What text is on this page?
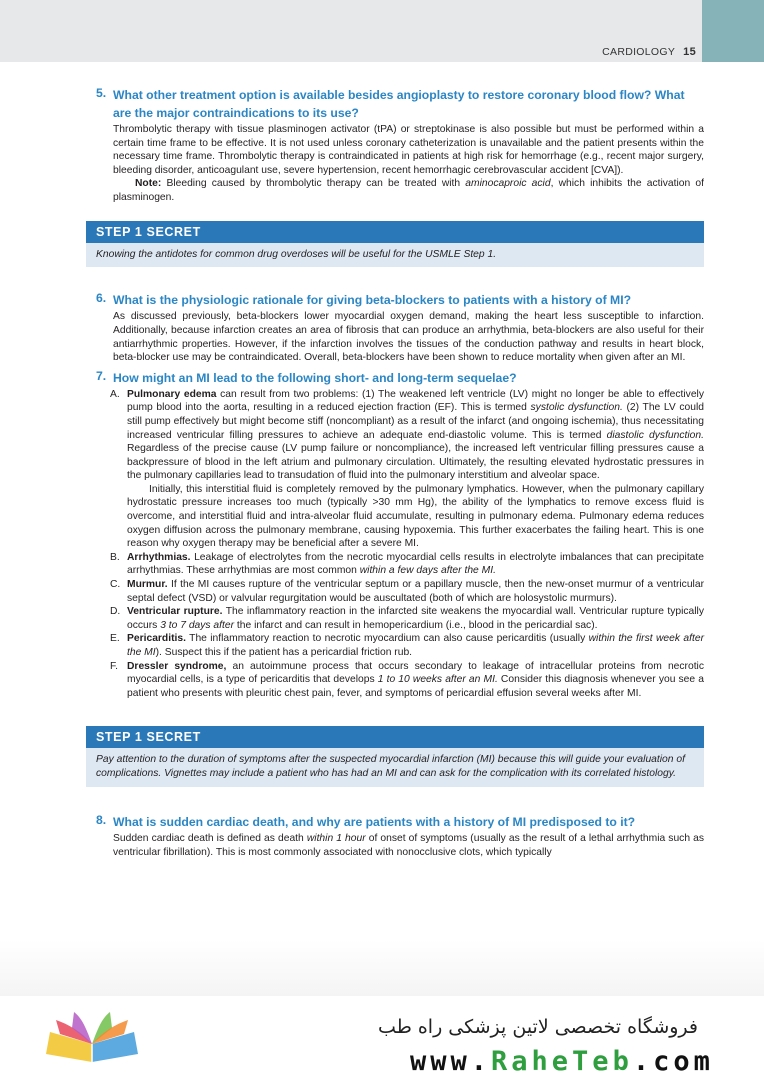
CARDIOLOGY 15
5. What other treatment option is available besides angioplasty to restore coronary blood flow? What are the major contraindications to its use?

Thrombolytic therapy with tissue plasminogen activator (tPA) or streptokinase is also possible but must be performed within a certain time frame to be effective. It is not used unless coronary catheterization is unavailable and the patient presents within the necessary time frame. Thrombolytic therapy is contraindicated in patients at high risk for hemorrhage (e.g., recent major surgery, bleeding disorder, anticoagulant use, severe hypertension, recent hemorrhagic cerebrovascular accident [CVA]).

Note: Bleeding caused by thrombolytic therapy can be treated with aminocaproic acid, which inhibits the activation of plasminogen.

STEP 1 SECRET
Knowing the antidotes for common drug overdoses will be useful for the USMLE Step 1.
6. What is the physiologic rationale for giving beta-blockers to patients with a history of MI?

As discussed previously, beta-blockers lower myocardial oxygen demand, making the heart less susceptible to infarction. Additionally, because infarction creates an area of fibrosis that can produce an arrhythmia, beta-blockers are also useful for their antiarrhythmic properties. However, if the infarction involves the tissues of the conduction pathway and results in heart block, beta-blocker use may be contraindicated. Overall, beta-blockers have been shown to reduce mortality when given after an MI.

7. How might an MI lead to the following short- and long-term sequelae?
A. Pulmonary edema can result from two problems: (1) The weakened left ventricle (LV) might no longer be able to effectively pump blood into the aorta, resulting in a reduced ejection fraction (EF). This is termed systolic dysfunction. (2) The LV could still pump effectively but might become stiff (noncompliant) as a result of the infarct (and ongoing ischemia), thus necessitating increased ventricular filling pressures to achieve an adequate end-diastolic volume. This is termed diastolic dysfunction. Regardless of the precise cause (LV pump failure or noncompliance), the increased left ventricular filling pressures cause a backpressure of blood in the left atrium and pulmonary circulation. Ultimately, the resulting elevated hydrostatic pressures in the pulmonary capillaries lead to transudation of fluid into the pulmonary interstitium and alveolar space.
Initially, this interstitial fluid is completely removed by the pulmonary lymphatics. However, when the pulmonary capillary hydrostatic pressure increases too much (typically >30 mm Hg), the ability of the lymphatics to remove excess fluid is overcome, and interstitial fluid and intra-alveolar fluid accumulate, resulting in pulmonary edema. Pulmonary edema reduces oxygen diffusion across the pulmonary membrane, causing hypoxemia. This further exacerbates the failing heart. This is one reason why oxygen therapy may be beneficial after a severe MI.
B. Arrhythmias. Leakage of electrolytes from the necrotic myocardial cells results in electrolyte imbalances that can precipitate arrhythmias. These arrhythmias are most common within a few days after the MI.
C. Murmur. If the MI causes rupture of the ventricular septum or a papillary muscle, then the new-onset murmur of a ventricular septal defect (VSD) or valvular regurgitation would be auscultated (both of which are holosystolic murmurs).
D. Ventricular rupture. The inflammatory reaction in the infarcted site weakens the myocardial wall. Ventricular rupture typically occurs 3 to 7 days after the infarct and can result in hemopericardium (i.e., blood in the pericardial sac).
E. Pericarditis. The inflammatory reaction to necrotic myocardium can also cause pericarditis (usually within the first week after the MI). Suspect this if the patient has a pericardial friction rub.
F. Dressler syndrome, an autoimmune process that occurs secondary to leakage of intracellular proteins from necrotic myocardial cells, is a type of pericarditis that develops 1 to 10 weeks after an MI. Consider this diagnosis whenever you see a patient who presents with pleuritic chest pain, fever, and symptoms of pericardial effusion several weeks after MI.
STEP 1 SECRET
Pay attention to the duration of symptoms after the suspected myocardial infarction (MI) because this will guide your evaluation of complications. Vignettes may include a patient who has had an MI and can ask for the complication with its correlated histology.
8. What is sudden cardiac death, and why are patients with a history of MI predisposed to it?

Sudden cardiac death is defined as death within 1 hour of onset of symptoms (usually as the result of a lethal arrhythmia such as ventricular fibrillation). This is most commonly associated with nonocclusive clots, which typically

فروشگاه تخصصی لاتین پزشکی راه طب
www.RaheTeb.com
